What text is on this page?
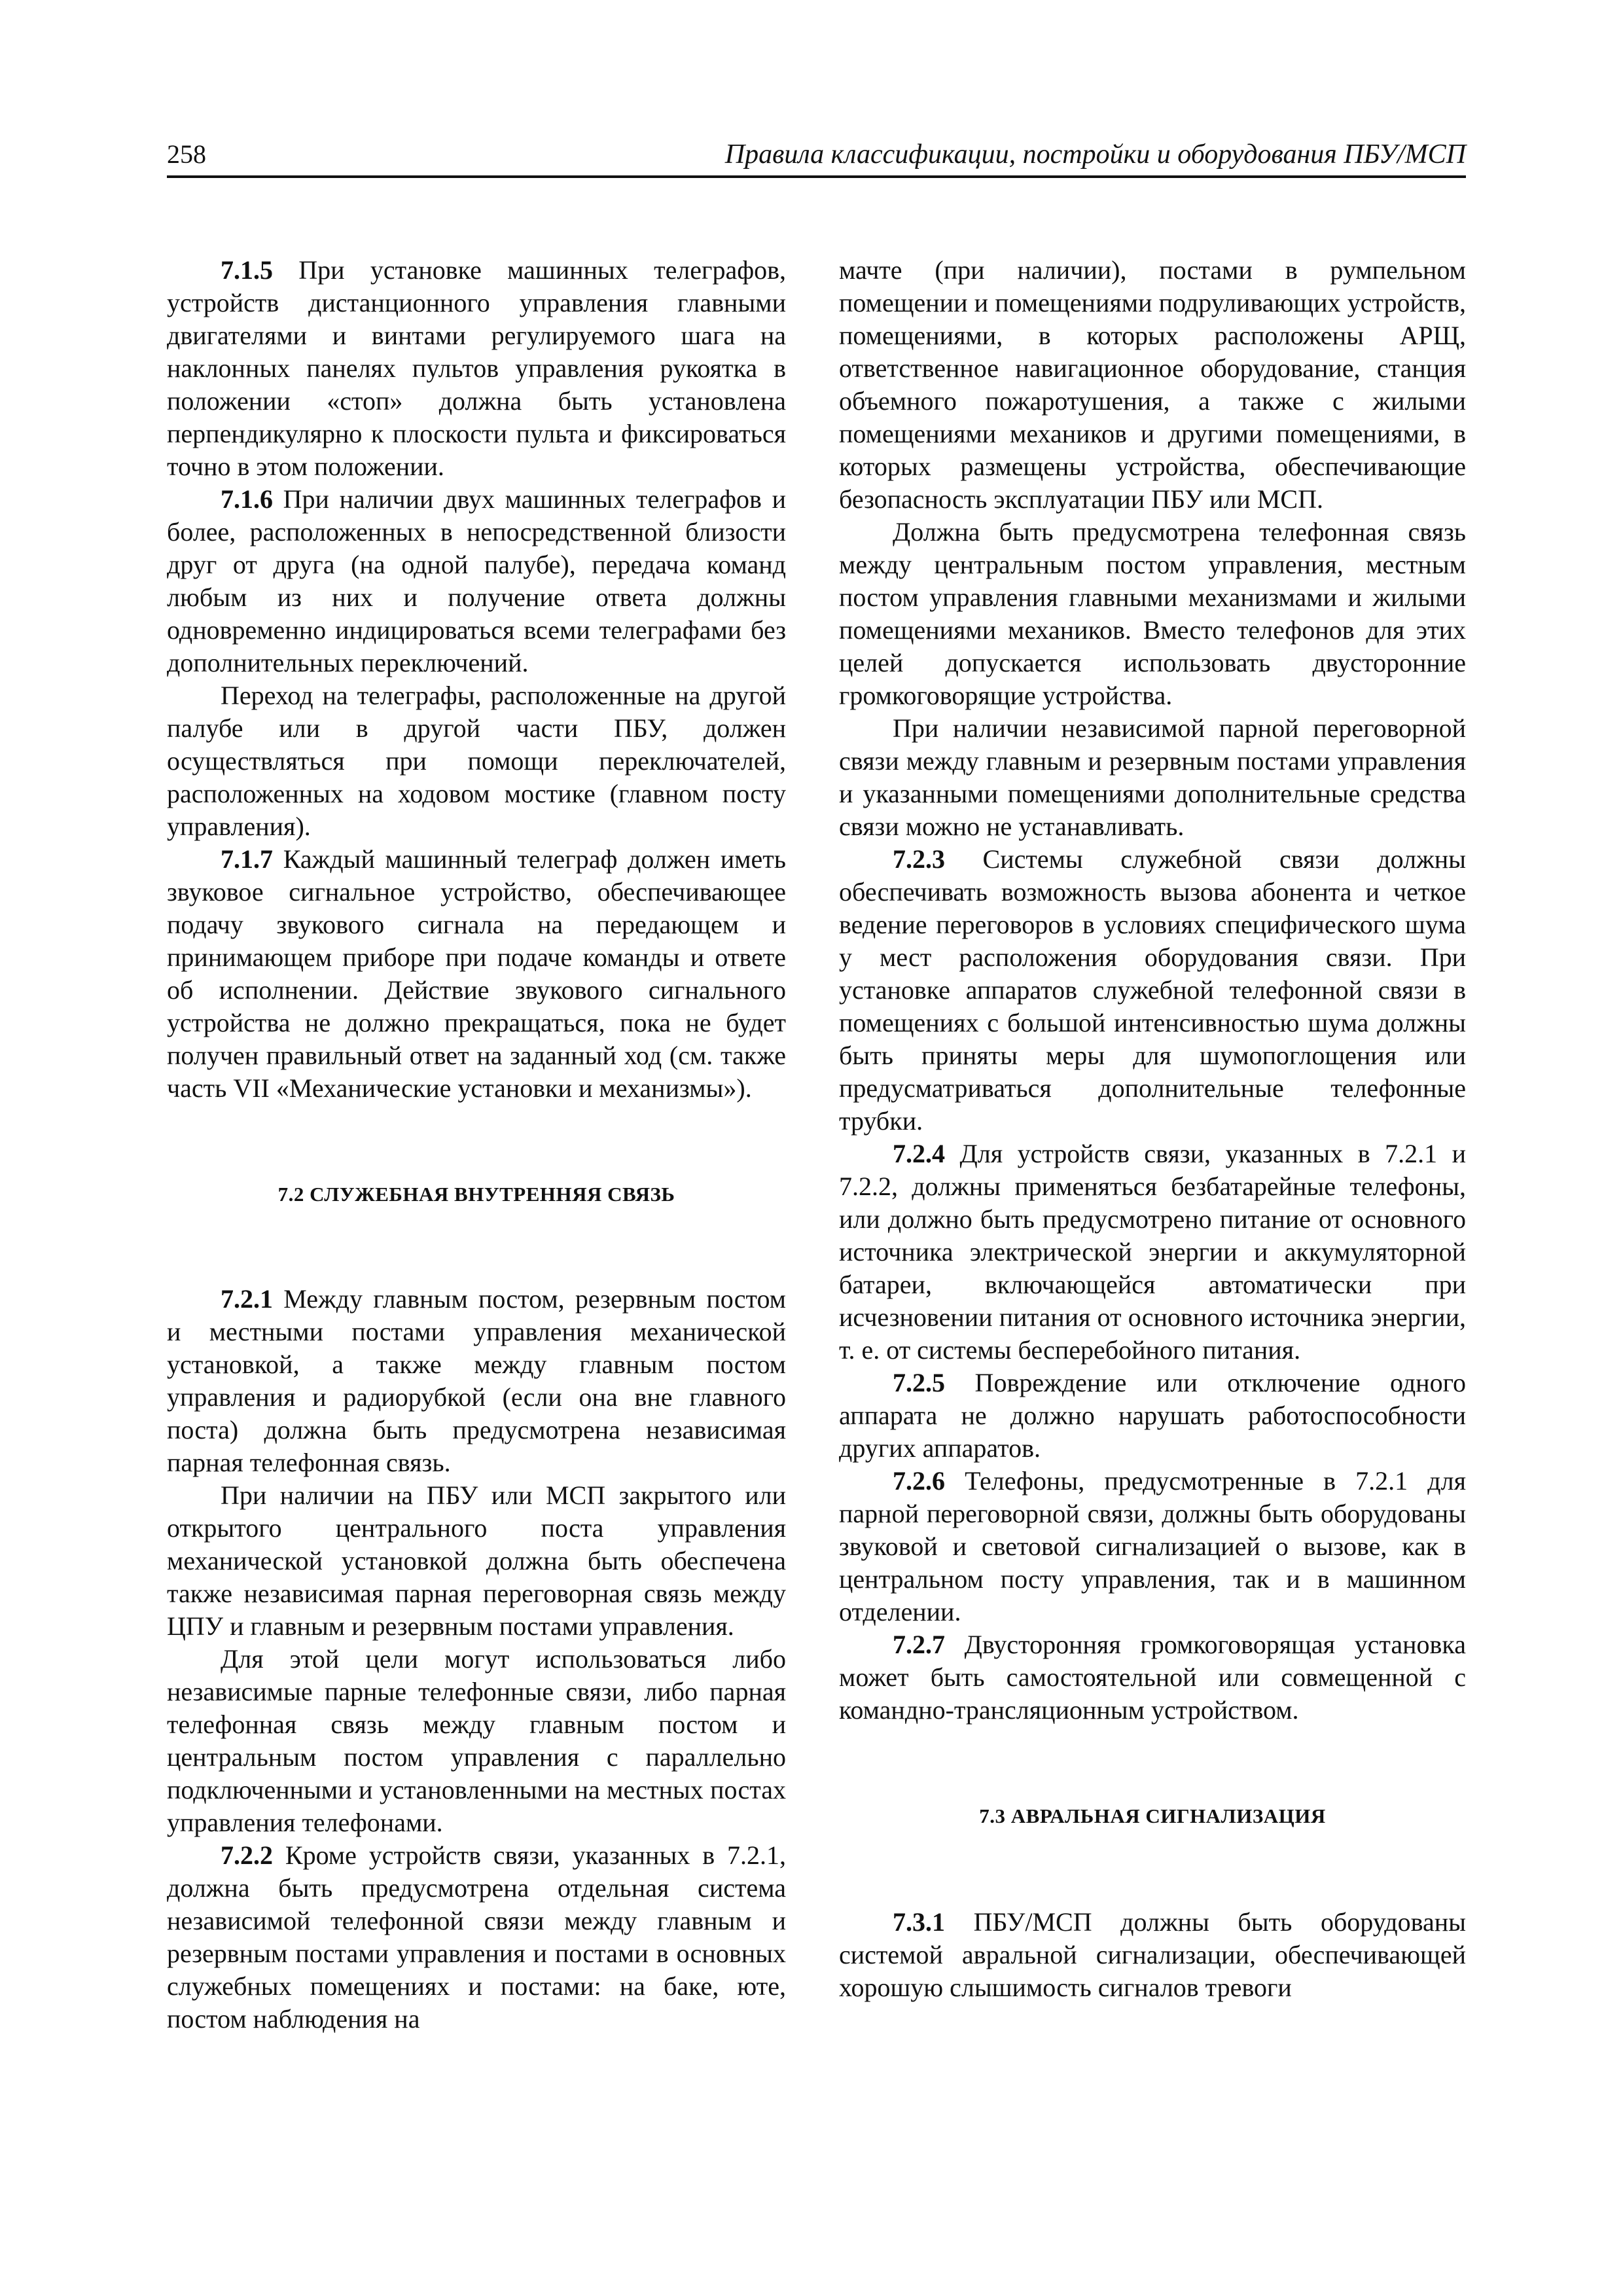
258	Правила классификации, постройки и оборудования ПБУ/МСП

7.1.5 При установке машинных телеграфов, устройств дистанционного управления главными двигателями и винтами регулируемого шага на наклонных панелях пультов управления рукоятка в положении «стоп» должна быть установлена перпендикулярно к плоскости пульта и фиксироваться точно в этом положении.

7.1.6 При наличии двух машинных телеграфов и более, расположенных в непосредственной близости друг от друга (на одной палубе), передача команд любым из них и получение ответа должны одновременно индицироваться всеми телеграфами без дополнительных переключений.

Переход на телеграфы, расположенные на другой палубе или в другой части ПБУ, должен осуществляться при помощи переключателей, расположенных на ходовом мостике (главном посту управления).

7.1.7 Каждый машинный телеграф должен иметь звуковое сигнальное устройство, обеспечивающее подачу звукового сигнала на передающем и принимающем приборе при подаче команды и ответе об исполнении. Действие звукового сигнального устройства не должно прекращаться, пока не будет получен правильный ответ на заданный ход (см. также часть VII «Механические установки и механизмы»).

7.2 СЛУЖЕБНАЯ ВНУТРЕННЯЯ СВЯЗЬ

7.2.1 Между главным постом, резервным постом и местными постами управления механической установкой, а также между главным постом управления и радиорубкой (если она вне главного поста) должна быть предусмотрена независимая парная телефонная связь.

При наличии на ПБУ или МСП закрытого или открытого центрального поста управления механической установкой должна быть обеспечена также независимая парная переговорная связь между ЦПУ и главным и резервным постами управления.

Для этой цели могут использоваться либо независимые парные телефонные связи, либо парная телефонная связь между главным постом и центральным постом управления с параллельно подключенными и установленными на местных постах управления телефонами.

7.2.2 Кроме устройств связи, указанных в 7.2.1, должна быть предусмотрена отдельная система независимой телефонной связи между главным и резервным постами управления и постами в основных служебных помещениях и постами: на баке, юте, постом наблюдения на

мачте (при наличии), постами в румпельном помещении и помещениями подруливающих устройств, помещениями, в которых расположены АРЩ, ответственное навигационное оборудование, станция объемного пожаротушения, а также с жилыми помещениями механиков и другими помещениями, в которых размещены устройства, обеспечивающие безопасность эксплуатации ПБУ или МСП.

Должна быть предусмотрена телефонная связь между центральным постом управления, местным постом управления главными механизмами и жилыми помещениями механиков. Вместо телефонов для этих целей допускается использовать двусторонние громкоговорящие устройства.

При наличии независимой парной переговорной связи между главным и резервным постами управления и указанными помещениями дополнительные средства связи можно не устанавливать.

7.2.3 Системы служебной связи должны обеспечивать возможность вызова абонента и четкое ведение переговоров в условиях специфического шума у мест расположения оборудования связи. При установке аппаратов служебной телефонной связи в помещениях с большой интенсивностью шума должны быть приняты меры для шумопоглощения или предусматриваться дополнительные телефонные трубки.

7.2.4 Для устройств связи, указанных в 7.2.1 и 7.2.2, должны применяться безбатарейные телефоны, или должно быть предусмотрено питание от основного источника электрической энергии и аккумуляторной батареи, включающейся автоматически при исчезновении питания от основного источника энергии, т. е. от системы бесперебойного питания.

7.2.5 Повреждение или отключение одного аппарата не должно нарушать работоспособности других аппаратов.

7.2.6 Телефоны, предусмотренные в 7.2.1 для парной переговорной связи, должны быть оборудованы звуковой и световой сигнализацией о вызове, как в центральном посту управления, так и в машинном отделении.

7.2.7 Двусторонняя громкоговорящая установка может быть самостоятельной или совмещенной с командно-трансляционным устройством.

7.3 АВРАЛЬНАЯ СИГНАЛИЗАЦИЯ

7.3.1 ПБУ/МСП должны быть оборудованы системой авральной сигнализации, обеспечивающей хорошую слышимость сигналов тревоги
